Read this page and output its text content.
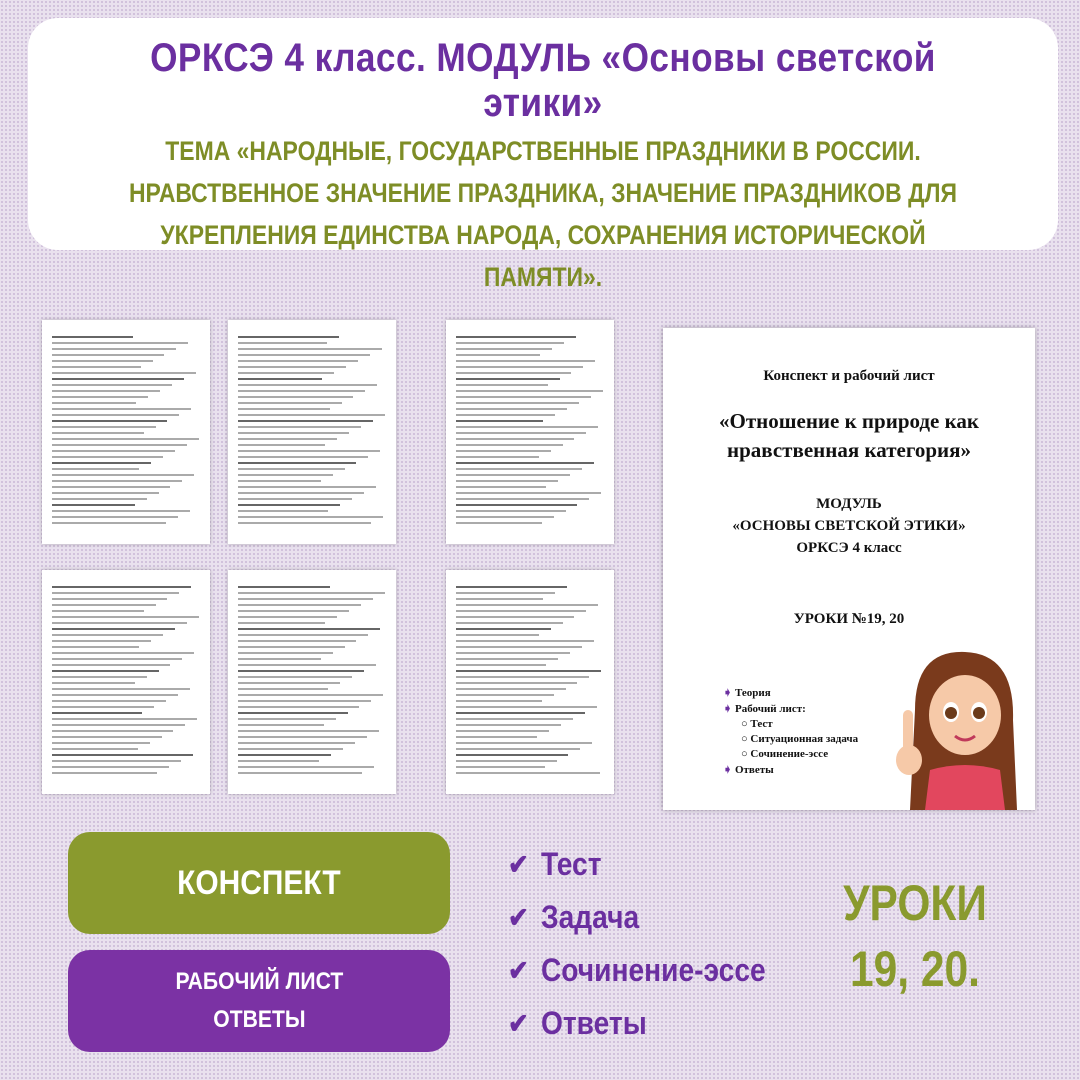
ОРКСЭ 4 класс. МОДУЛЬ «Основы светской этики»
ТЕМА «НАРОДНЫЕ, ГОСУДАРСТВЕННЫЕ ПРАЗДНИКИ В РОССИИ. НРАВСТВЕННОЕ ЗНАЧЕНИЕ ПРАЗДНИКА, ЗНАЧЕНИЕ ПРАЗДНИКОВ ДЛЯ УКРЕПЛЕНИЯ ЕДИНСТВА НАРОДА, СОХРАНЕНИЯ ИСТОРИЧЕСКОЙ ПАМЯТИ».
Конспект и рабочий лист
«Отношение к природе как нравственная категория»
МОДУЛЬ
«ОСНОВЫ СВЕТСКОЙ ЭТИКИ»
ОРКСЭ 4 класс
УРОКИ №19, 20
➧ Теория
➧ Рабочий лист:
○ Тест
○ Ситуационная задача
○ Сочинение-эссе
➧ Ответы
КОНСПЕКТ
РАБОЧИЙ ЛИСТ
ОТВЕТЫ
✔ Тест
✔ Задача
✔ Сочинение-эссе
✔ Ответы
УРОКИ
19, 20.
